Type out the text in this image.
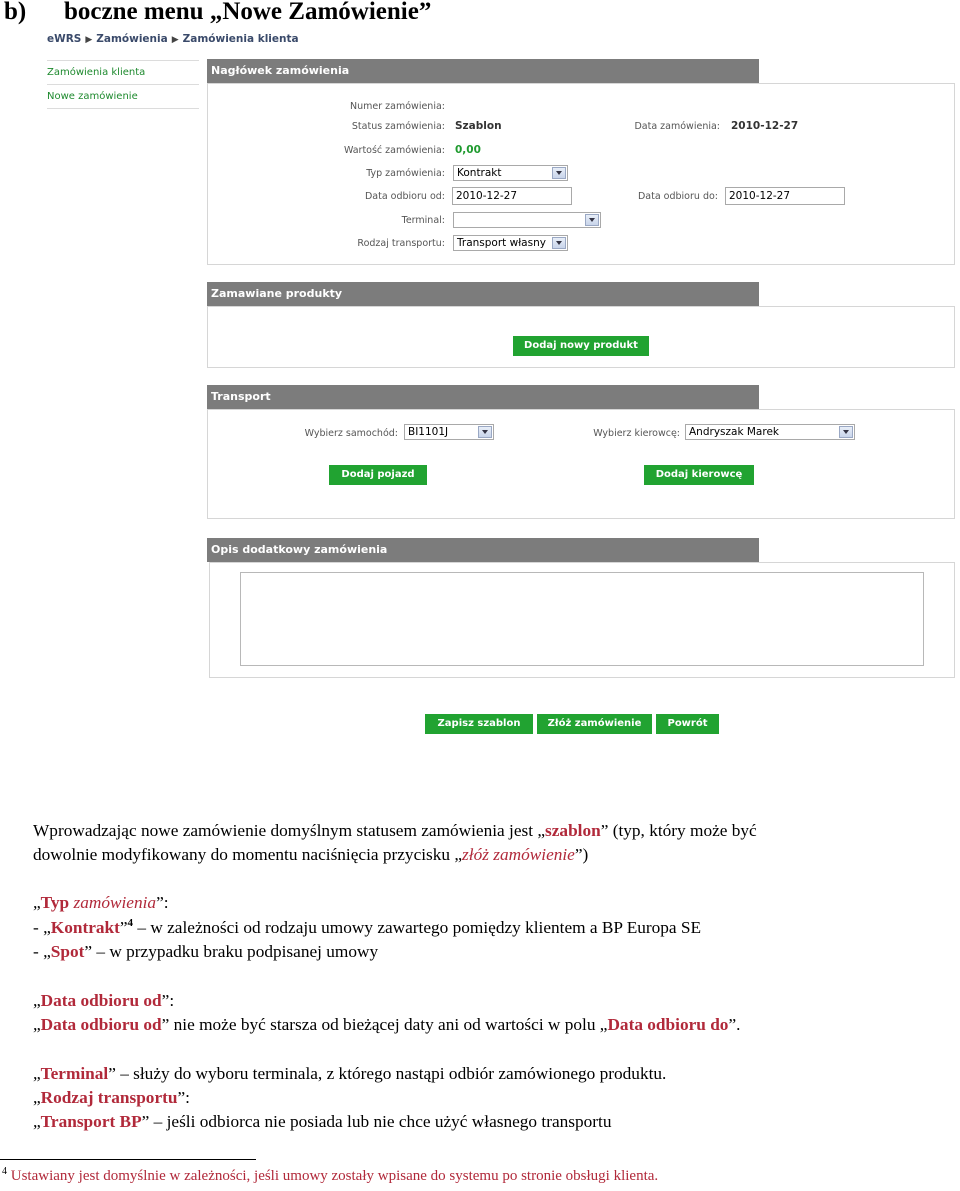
b) boczne menu „Nowe Zamówienie”
eWRS ▶ Zamówienia ▶ Zamówienia klienta
Zamówienia klienta
Nowe zamówienie
Nagłówek zamówienia
Numer zamówienia:
Status zamówienia: Szablon	Data zamówienia: 2010-12-27
Wartość zamówienia: 0,00
Typ zamówienia:	Kontrakt
Data odbioru od:	2010-12-27	Data odbioru do:	2010-12-27
Terminal:
Rodzaj transportu:	Transport własny
Zamawiane produkty
Dodaj nowy produkt
Transport
Wybierz samochód: BI1101J	Wybierz kierowcę: Andryszak Marek
Dodaj pojazd	Dodaj kierowcę
Opis dodatkowy zamówienia
Zapisz szablon	Złóż zamówienie	Powrót
Wprowadzając nowe zamówienie domyślnym statusem zamówienia jest „szablon” (typ, który może być
dowolnie modyfikowany do momentu naciśnięcia przycisku „złóż zamówienie”)
„Typ zamówienia”:
- „Kontrakt”$^4$ – w zależności od rodzaju umowy zawartego pomiędzy klientem a BP Europa SE
- „Spot” – w przypadku braku podpisanej umowy
„Data odbioru od”:
„Data odbioru od” nie może być starsza od bieżącej daty ani od wartości w polu „Data odbioru do”.
„Terminal” – służy do wyboru terminala, z którego nastąpi odbiór zamówionego produktu.
„Rodzaj transportu”:
„Transport BP” – jeśli odbiorca nie posiada lub nie chce użyć własnego transportu
$^4$ Ustawiany jest domyślnie w zależności, jeśli umowy zostały wpisane do systemu po stronie obsługi klienta.
